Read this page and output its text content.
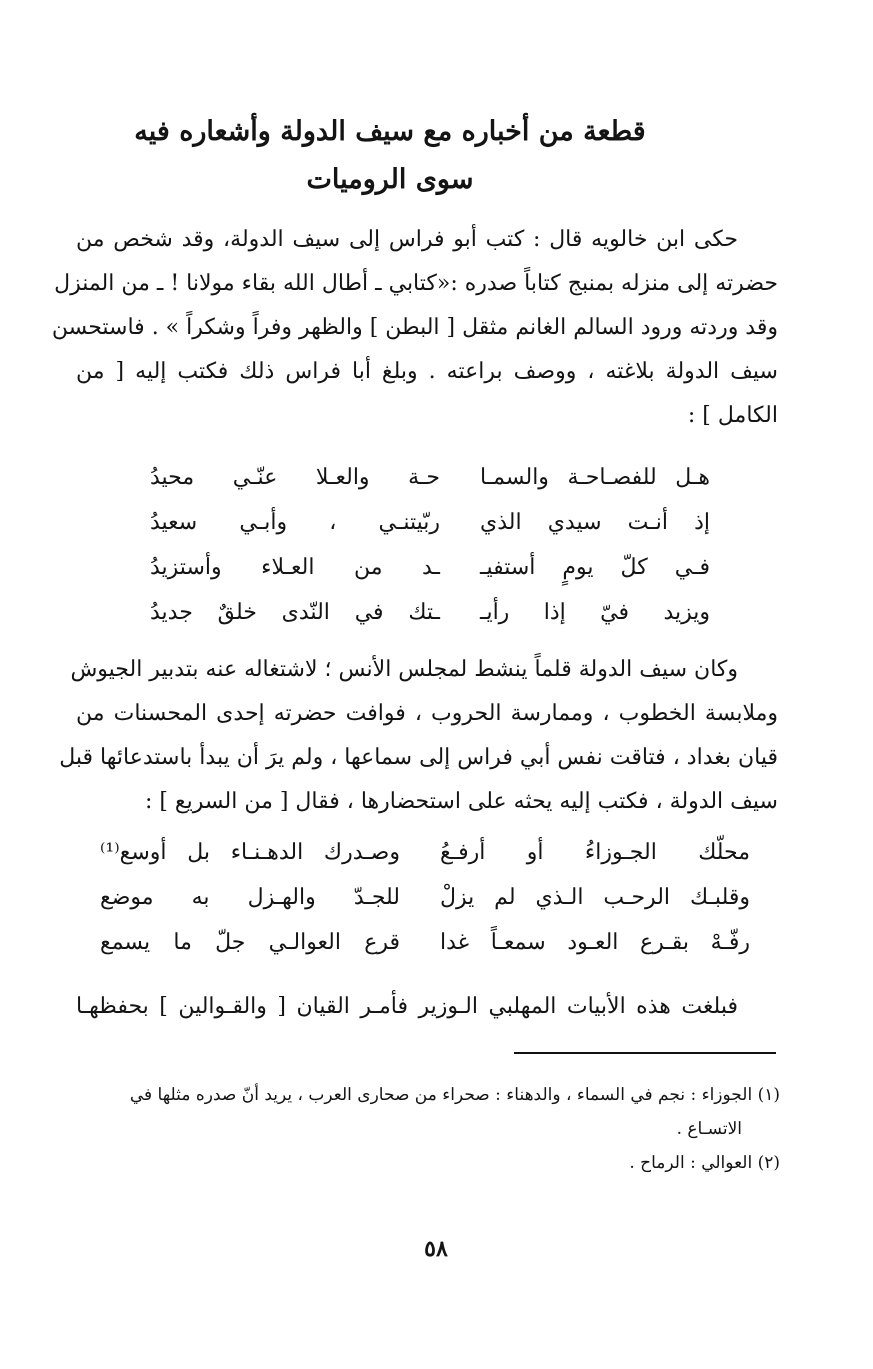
قطعة من أخباره مع سيف الدولة وأشعاره فيه
سوى الروميات
حكى ابن خالويه قال : كتب أبو فراس إلى سيف الدولة، وقد شخص من
حضرته إلى منزله بمنبج كتاباً صدره :«كتابي ـ أطال الله بقاء مولانا ! ـ من المنزل
وقد وردته ورود السالم الغانم مثقل [ البطن ] والظهر وفراً وشكراً » . فاستحسن
سيف الدولة بلاغته ، ووصف براعته . وبلغ أبا فراس ذلك فكتب إليه [ من
الكامل ] :
هـل للفصـاحـة والسمـا
حـة والعـلا عنّـي محيدُ
إذ أنـت سيدي الذي
ربّيتنـي ، وأبـي سعيدُ
فـي كلّ يومٍ أستفيـ
ـد من العـلاء وأستزيدُ
ويزيد فيّ إذا رأيـ
ـتك في النّدى خلقٌ جديدُ
وكان سيف الدولة قلماً ينشط لمجلس الأنس ؛ لاشتغاله عنه بتدبير الجيوش
وملابسة الخطوب ، وممارسة الحروب ، فوافت حضرته إحدى المحسنات من
قيان بغداد ، فتاقت نفس أبي فراس إلى سماعها ، ولم يرَ أن يبدأ باستدعائها قبل
سيف الدولة ، فكتب إليه يحثه على استحضارها ، فقال [ من السريع ] :
محلّك الجـوزاءُ أو أرفـعُ
وصـدرك الدهـنـاء بل أوسع⁽¹⁾
وقلبـك الرحـب الـذي لم يزلْ
للجـدّ والهـزل به موضع
رفّـهْ بقـرع العـود سمعـاً غدا
قرع العوالـي جلّ ما يسمع
فبلغت هذه الأبيات المهلبي الـوزير فأمـر القيان [ والقـوالين ] بحفظهـا
(١) الجوزاء : نجم في السماء ، والدهناء : صحراء من صحارى العرب ، يريد أنّ صدره مثلها في
الاتسـاع .
(٢) العوالي : الرماح .
٥٨
